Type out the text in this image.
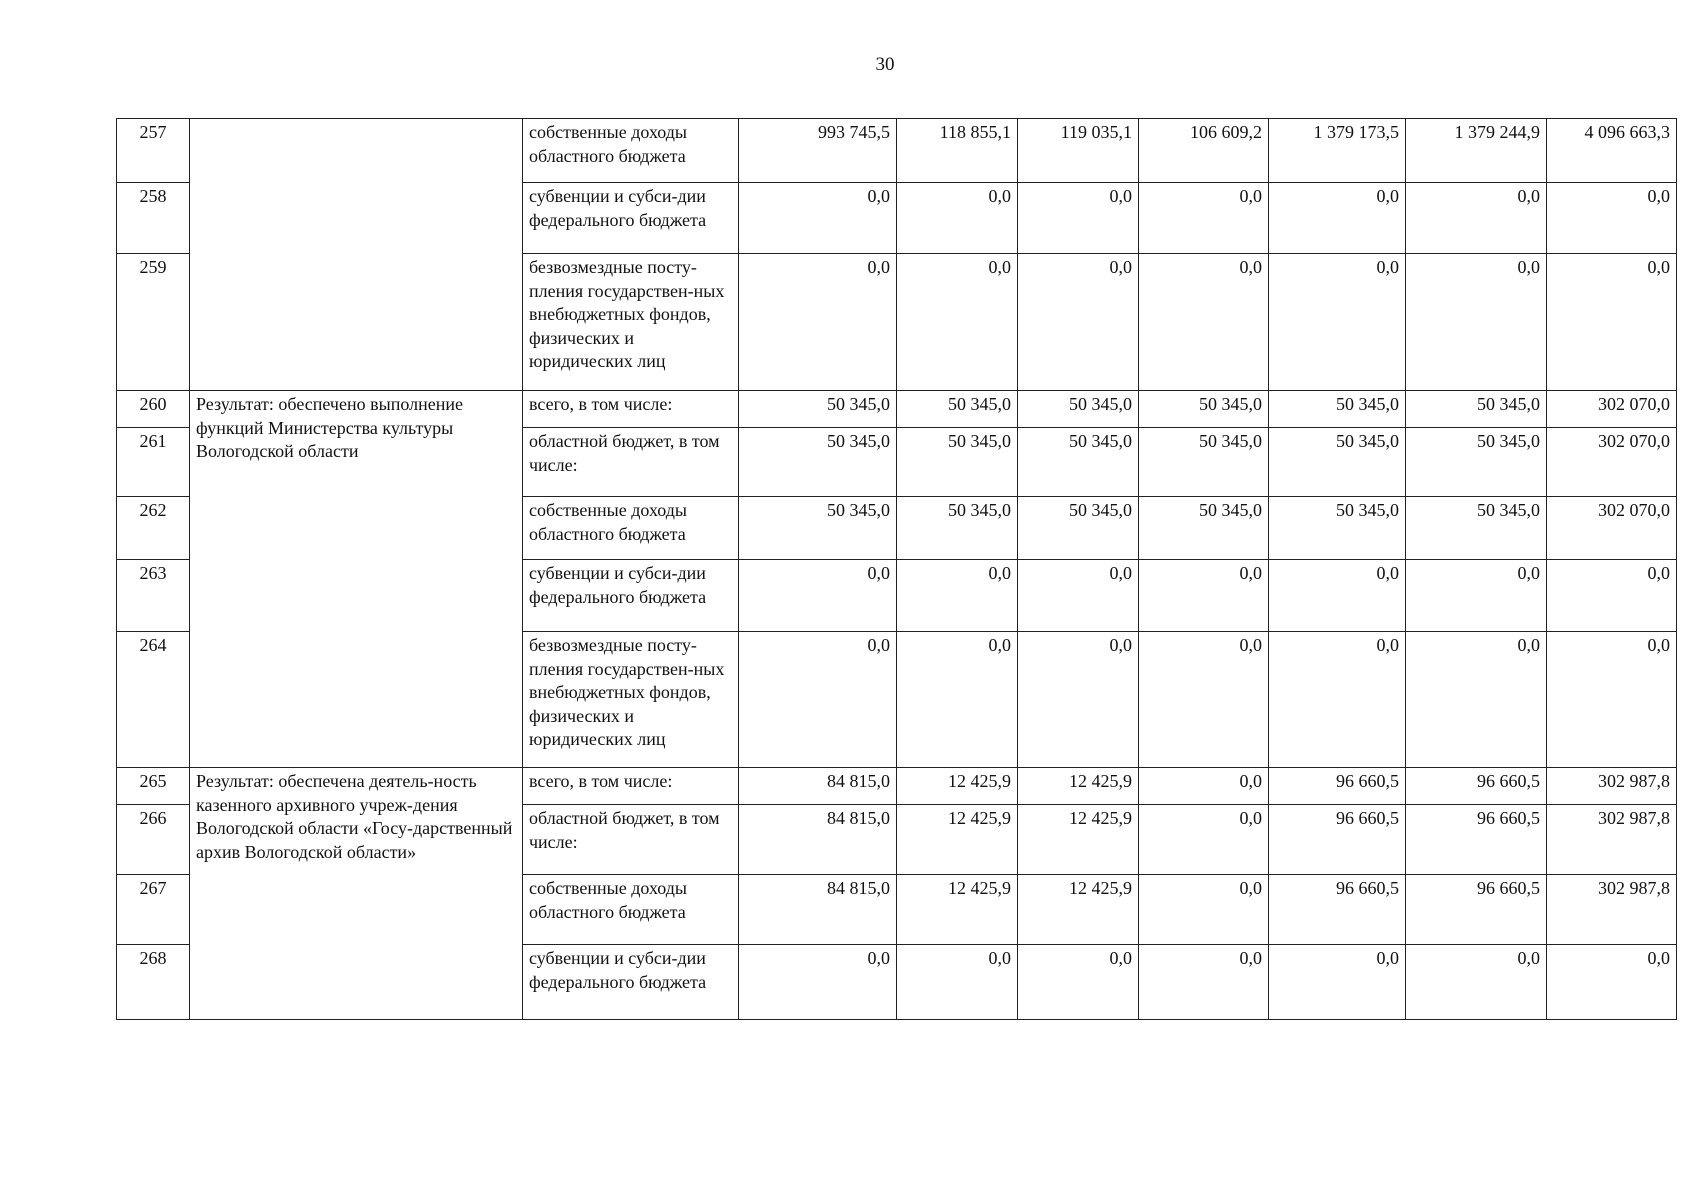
30
257		собственные доходы областного бюджета	993 745,5	118 855,1	119 035,1	106 609,2	1 379 173,5	1 379 244,9	4 096 663,3
258		субвенции и субси-дии федерального бюджета	0,0	0,0	0,0	0,0	0,0	0,0	0,0
259		безвозмездные посту-пления государствен-ных внебюджетных фондов, физических и юридических лиц	0,0	0,0	0,0	0,0	0,0	0,0	0,0
260	Результат: обеспечено выполнение функций Министерства культуры Вологодской области	всего, в том числе:	50 345,0	50 345,0	50 345,0	50 345,0	50 345,0	50 345,0	302 070,0
261		областной бюджет, в том числе:	50 345,0	50 345,0	50 345,0	50 345,0	50 345,0	50 345,0	302 070,0
262		собственные доходы областного бюджета	50 345,0	50 345,0	50 345,0	50 345,0	50 345,0	50 345,0	302 070,0
263		субвенции и субси-дии федерального бюджета	0,0	0,0	0,0	0,0	0,0	0,0	0,0
264		безвозмездные посту-пления государствен-ных внебюджетных фондов, физических и юридических лиц	0,0	0,0	0,0	0,0	0,0	0,0	0,0
265	Результат: обеспечена деятель-ность казенного архивного учреж-дения Вологодской области «Госу-дарственный архив Вологодской области»	всего, в том числе:	84 815,0	12 425,9	12 425,9	0,0	96 660,5	96 660,5	302 987,8
266		областной бюджет, в том числе:	84 815,0	12 425,9	12 425,9	0,0	96 660,5	96 660,5	302 987,8
267		собственные доходы областного бюджета	84 815,0	12 425,9	12 425,9	0,0	96 660,5	96 660,5	302 987,8
268		субвенции и субси-дии федерального бюджета	0,0	0,0	0,0	0,0	0,0	0,0	0,0
